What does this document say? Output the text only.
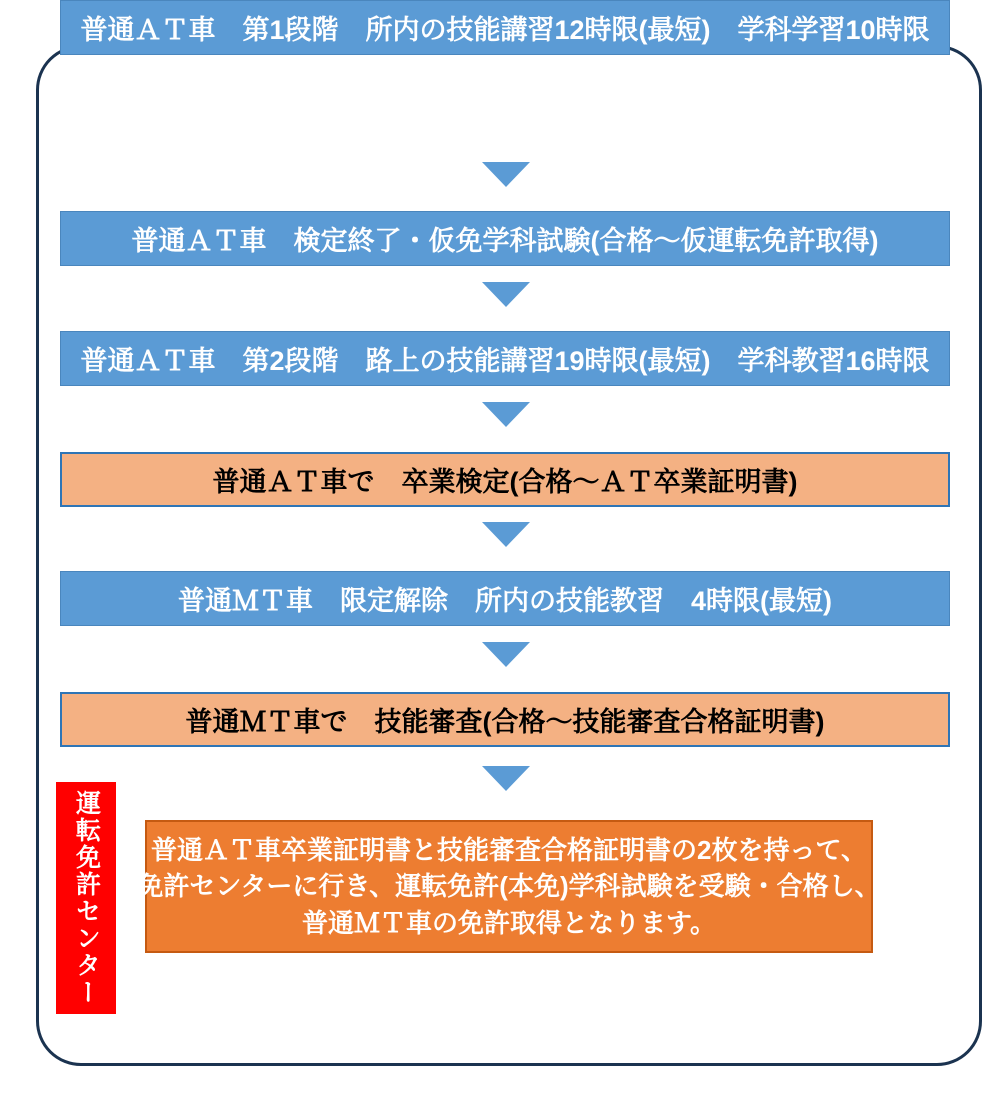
普通ＡＴ車　第1段階　所内の技能講習12時限(最短)　学科学習10時限
普通ＡＴ車　検定終了・仮免学科試験(合格～仮運転免許取得)
普通ＡＴ車　第2段階　路上の技能講習19時限(最短)　学科教習16時限
普通ＡＴ車で　卒業検定(合格～ＡＴ卒業証明書)
普通ＭＴ車　限定解除　所内の技能教習　4時限(最短)
普通ＭＴ車で　技能審査(合格～技能審査合格証明書)
運転免許センター	普通ＡＴ車卒業証明書と技能審査合格証明書の2枚を持って、
免許センターに行き、運転免許(本免)学科試験を受験・合格し、
普通ＭＴ車の免許取得となります。
